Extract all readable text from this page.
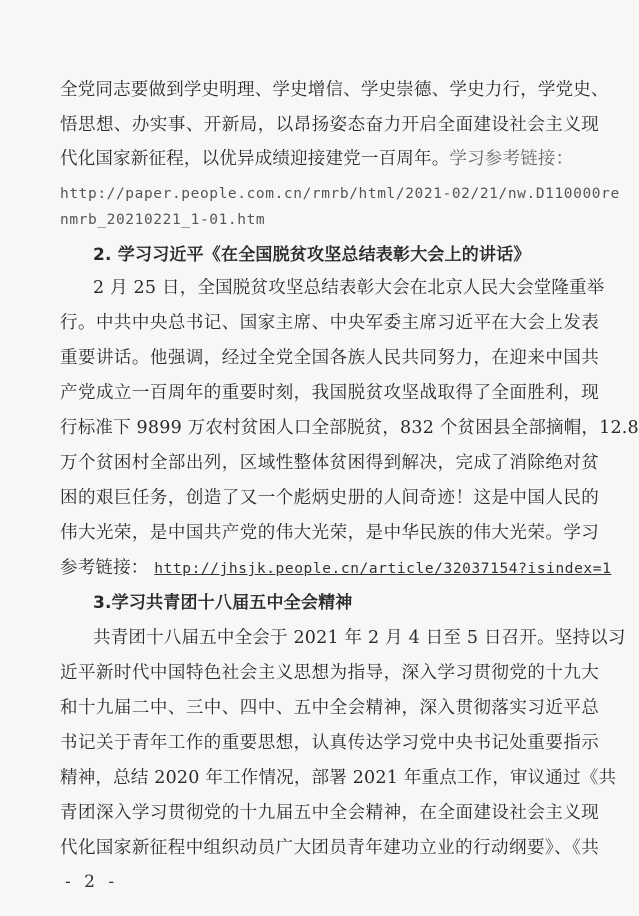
全党同志要做到学史明理、学史增信、学史崇德、学史力行，学党史、
悟思想、办实事、开新局，以昂扬姿态奋力开启全面建设社会主义现
代化国家新征程，以优异成绩迎接建党一百周年。学习参考链接：
http://paper.people.com.cn/rmrb/html/2021-02/21/nw.D110000re
nmrb_20210221_1-01.htm
2. 学习习近平《在全国脱贫攻坚总结表彰大会上的讲话》
2 月 25 日，全国脱贫攻坚总结表彰大会在北京人民大会堂隆重举
行。中共中央总书记、国家主席、中央军委主席习近平在大会上发表
重要讲话。他强调，经过全党全国各族人民共同努力，在迎来中国共
产党成立一百周年的重要时刻，我国脱贫攻坚战取得了全面胜利，现
行标准下 9899 万农村贫困人口全部脱贫，832 个贫困县全部摘帽，12.8
万个贫困村全部出列，区域性整体贫困得到解决，完成了消除绝对贫
困的艰巨任务，创造了又一个彪炳史册的人间奇迹！这是中国人民的
伟大光荣，是中国共产党的伟大光荣，是中华民族的伟大光荣。学习
参考链接： http://jhsjk.people.cn/article/32037154?isindex=1
3.学习共青团十八届五中全会精神
共青团十八届五中全会于 2021 年 2 月 4 日至 5 日召开。坚持以习
近平新时代中国特色社会主义思想为指导，深入学习贯彻党的十九大
和十九届二中、三中、四中、五中全会精神，深入贯彻落实习近平总
书记关于青年工作的重要思想，认真传达学习党中央书记处重要指示
精神，总结 2020 年工作情况，部署 2021 年重点工作，审议通过《共
青团深入学习贯彻党的十九届五中全会精神，在全面建设社会主义现
代化国家新征程中组织动员广大团员青年建功立业的行动纲要》、《共
- 2 -
